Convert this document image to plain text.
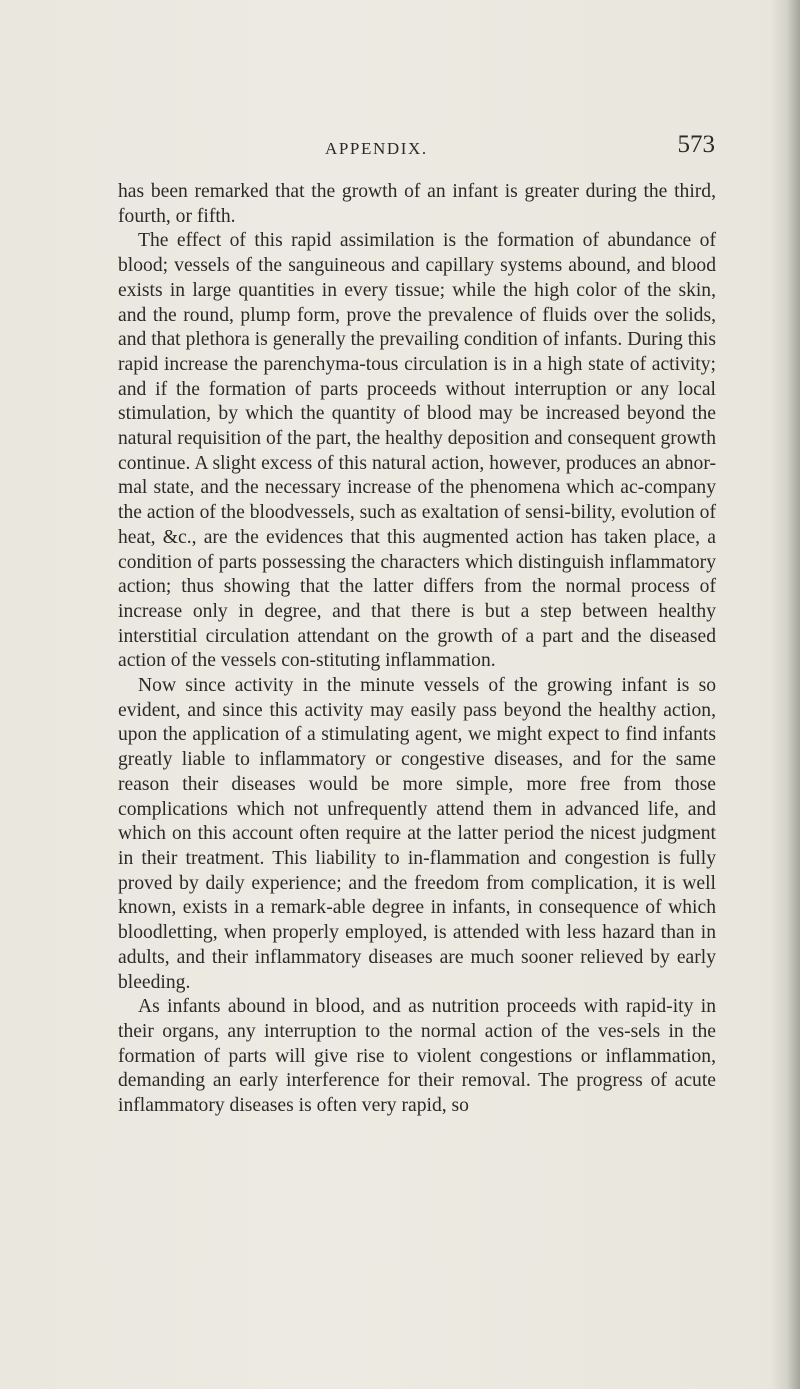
APPENDIX.	573

has been remarked that the growth of an infant is greater during the third, fourth, or fifth.

The effect of this rapid assimilation is the formation of abundance of blood; vessels of the sanguineous and capillary systems abound, and blood exists in large quantities in every tissue; while the high color of the skin, and the round, plump form, prove the prevalence of fluids over the solids, and that plethora is generally the prevailing condition of infants. During this rapid increase the parenchyma-tous circulation is in a high state of activity; and if the formation of parts proceeds without interruption or any local stimulation, by which the quantity of blood may be increased beyond the natural requisition of the part, the healthy deposition and consequent growth continue. A slight excess of this natural action, however, produces an abnor-mal state, and the necessary increase of the phenomena which ac-company the action of the bloodvessels, such as exaltation of sensi-bility, evolution of heat, &c., are the evidences that this augmented action has taken place, a condition of parts possessing the characters which distinguish inflammatory action; thus showing that the latter differs from the normal process of increase only in degree, and that there is but a step between healthy interstitial circulation attendant on the growth of a part and the diseased action of the vessels con-stituting inflammation.

Now since activity in the minute vessels of the growing infant is so evident, and since this activity may easily pass beyond the healthy action, upon the application of a stimulating agent, we might expect to find infants greatly liable to inflammatory or congestive diseases, and for the same reason their diseases would be more simple, more free from those complications which not unfrequently attend them in advanced life, and which on this account often require at the latter period the nicest judgment in their treatment. This liability to in-flammation and congestion is fully proved by daily experience; and the freedom from complication, it is well known, exists in a remark-able degree in infants, in consequence of which bloodletting, when properly employed, is attended with less hazard than in adults, and their inflammatory diseases are much sooner relieved by early bleeding.

As infants abound in blood, and as nutrition proceeds with rapid-ity in their organs, any interruption to the normal action of the ves-sels in the formation of parts will give rise to violent congestions or inflammation, demanding an early interference for their removal. The progress of acute inflammatory diseases is often very rapid, so
